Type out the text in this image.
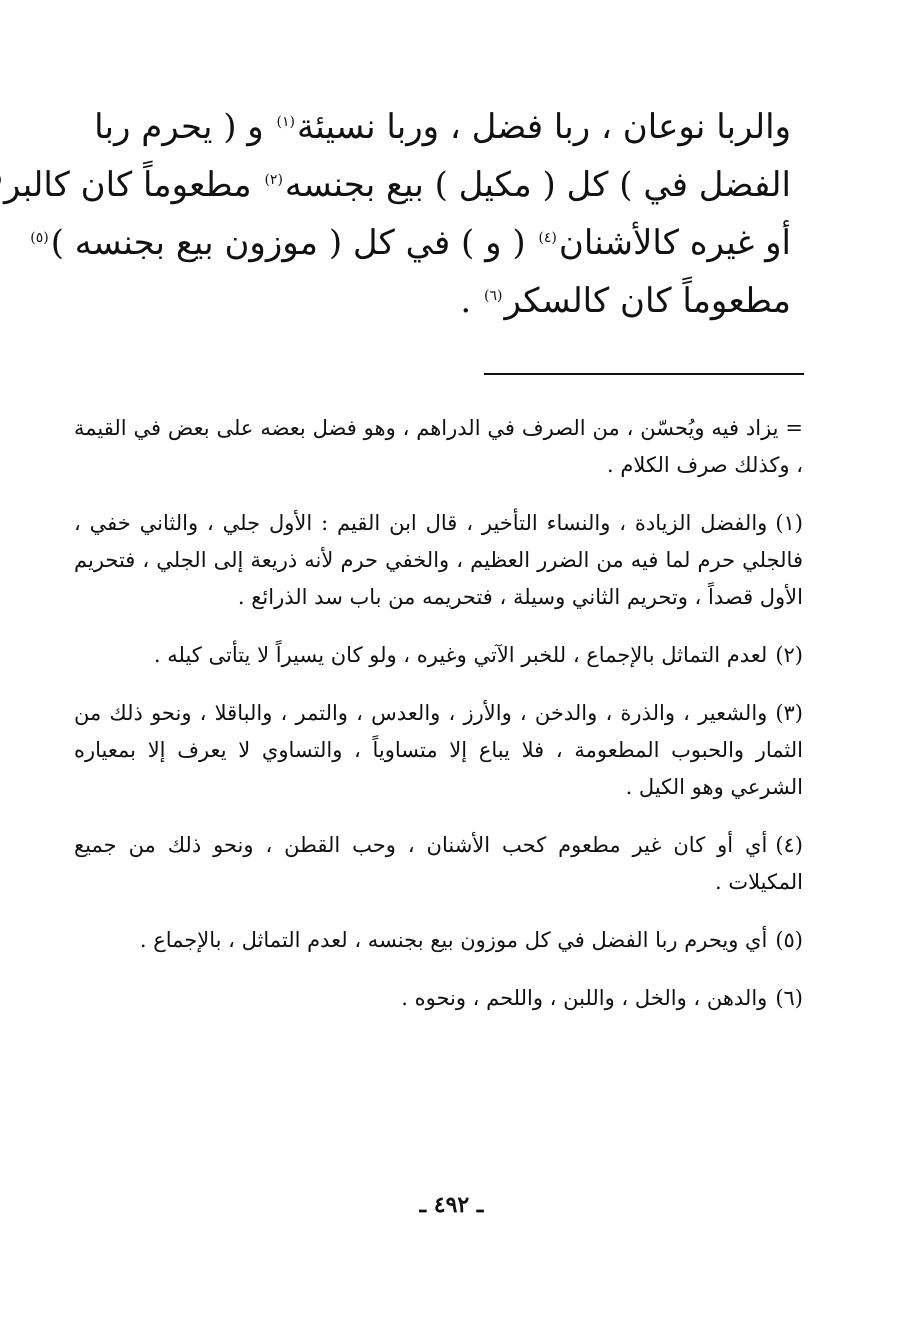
والربا نوعان ، ربا فضل ، وربا نسيئة$^{(١)}$ و ( يحرم ربا
الفضل في ) كل ( مكيل ) بيع بجنسه$^{(٢)}$ مطعوماً كان كالبر
أو غيره كالأشنان$^{(٤)}$ ( و ) في كل ( موزون بيع بجنسه )$^{(٥)}$
مطعوماً كان كالسكر$^{(٦)}$ .

= يزاد فيه ويُحسّن ، من الصرف في الدراهم ، وهو فضل بعضه على بعض في القيمة ، وكذلك صرف الكلام .

(١)والفضل الزيادة ، والنساء التأخير ، قال ابن القيم : الأول جلي ، والثاني خفي ، فالجلي حرم لما فيه من الضرر العظيم ، والخفي حرم لأنه ذريعة إلى الجلي ، فتحريم الأول قصداً ، وتحريم الثاني وسيلة ، فتحريمه من باب سد الذرائع .

(٢)لعدم التماثل بالإجماع ، للخبر الآتي وغيره ، ولو كان يسيراً لا يتأتى كيله .

(٣)والشعير ، والذرة ، والدخن ، والأرز ، والعدس ، والتمر ، والباقلا ، ونحو ذلك من الثمار والحبوب المطعومة ، فلا يباع إلا متساوياً ، والتساوي لا يعرف إلا بمعياره الشرعي وهو الكيل .

(٤)أي أو كان غير مطعوم كحب الأشنان ، وحب القطن ، ونحو ذلك من جميع المكيلات .

(٥)أي ويحرم ربا الفضل في كل موزون بيع بجنسه ، لعدم التماثل ، بالإجماع .

(٦)والدهن ، والخل ، واللبن ، واللحم ، ونحوه .

ـ ٤٩٢ ـ
